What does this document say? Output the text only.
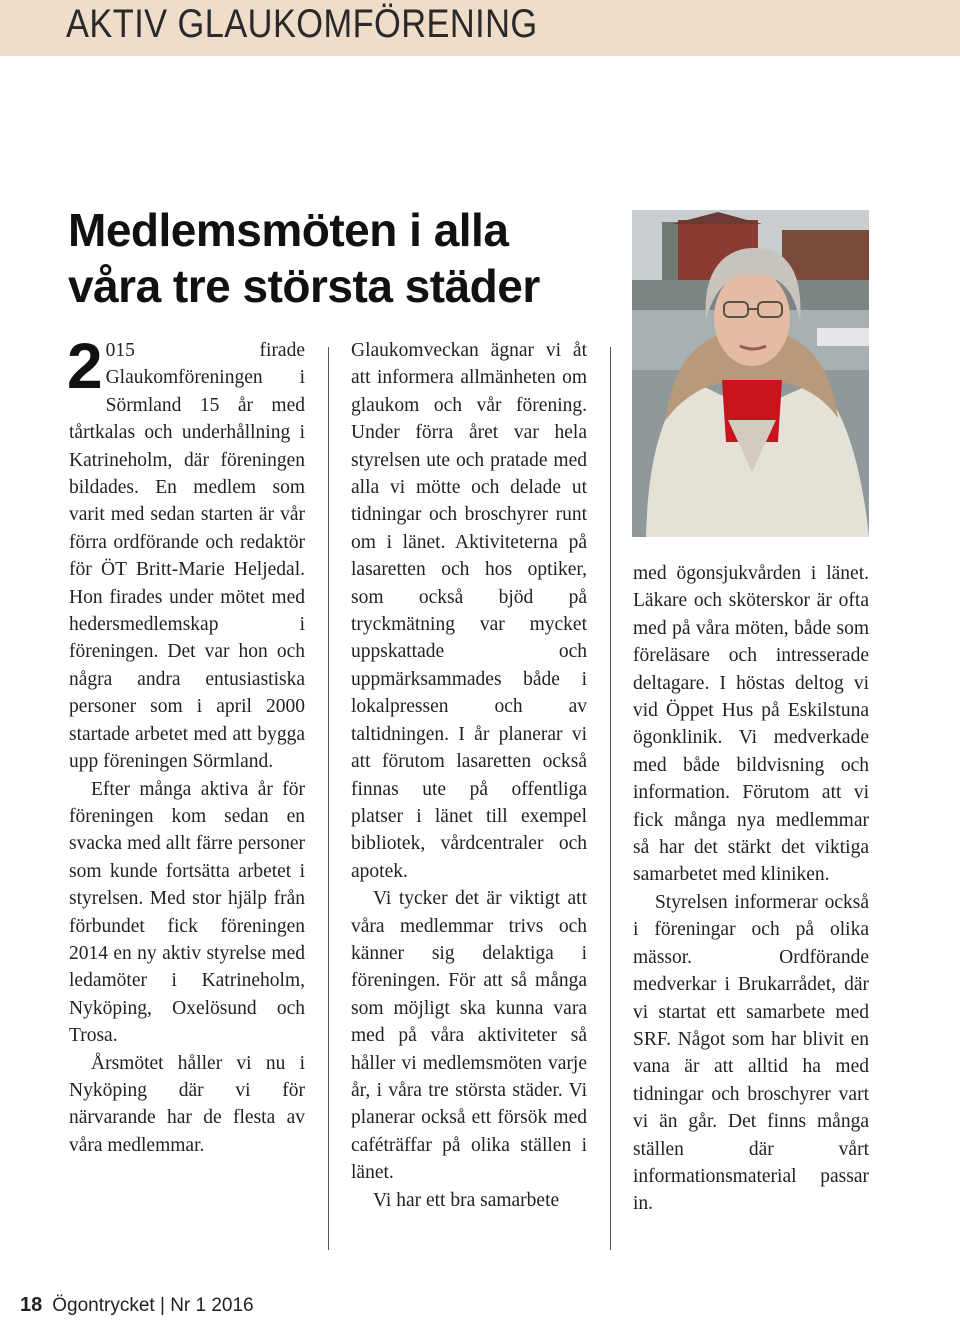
AKTIV GLAUKOMFÖRENING
Medlemsmöten i alla
våra tre största städer

2 015 firade Glaukomföreningen i Sörmland 15 år med tårtkalas och underhållning i Katrineholm, där föreningen bildades. En medlem som varit med sedan starten är vår förra ordförande och redaktör för ÖT Britt-Marie Heljedal. Hon firades under mötet med hedersmedlemskap i föreningen. Det var hon och några andra entusiastiska personer som i april 2000 startade arbetet med att bygga upp föreningen Sörmland.

Efter många aktiva år för föreningen kom sedan en svacka med allt färre personer som kunde fortsätta arbetet i styrelsen. Med stor hjälp från förbundet fick föreningen 2014 en ny aktiv styrelse med ledamöter i Katrineholm, Nyköping, Oxelösund och Trosa.

Årsmötet håller vi nu i Nyköping där vi för närvarande har de flesta av våra medlemmar.

Glaukomveckan ägnar vi åt att informera allmänheten om glaukom och vår förening. Under förra året var hela styrelsen ute och pratade med alla vi mötte och delade ut tidningar och broschyrer runt om i länet. Aktiviteterna på lasaretten och hos optiker, som också bjöd på tryckmätning var mycket uppskattade och uppmärksammades både i lokalpressen och av taltidningen. I år planerar vi att förutom lasaretten också finnas ute på offentliga platser i länet till exempel bibliotek, vårdcentraler och apotek.

Vi tycker det är viktigt att våra medlemmar trivs och känner sig delaktiga i föreningen. För att så många som möjligt ska kunna vara med på våra aktiviteter så håller vi medlemsmöten varje år, i våra tre största städer. Vi planerar också ett försök med caféträffar på olika ställen i länet.

Vi har ett bra samarbete

med ögonsjukvården i länet. Läkare och sköterskor är ofta med på våra möten, både som föreläsare och intresserade deltagare. I höstas deltog vi vid Öppet Hus på Eskilstuna ögonklinik. Vi medverkade med både bildvisning och information. Förutom att vi fick många nya medlemmar så har det stärkt det viktiga samarbetet med kliniken.

Styrelsen informerar också i föreningar och på olika mässor. Ordförande medverkar i Brukarrådet, där vi startat ett samarbete med SRF. Något som har blivit en vana är att alltid ha med tidningar och broschyrer vart vi än går. Det finns många ställen där vårt informationsmaterial passar in.

18 Ögontrycket | Nr 1 2016
